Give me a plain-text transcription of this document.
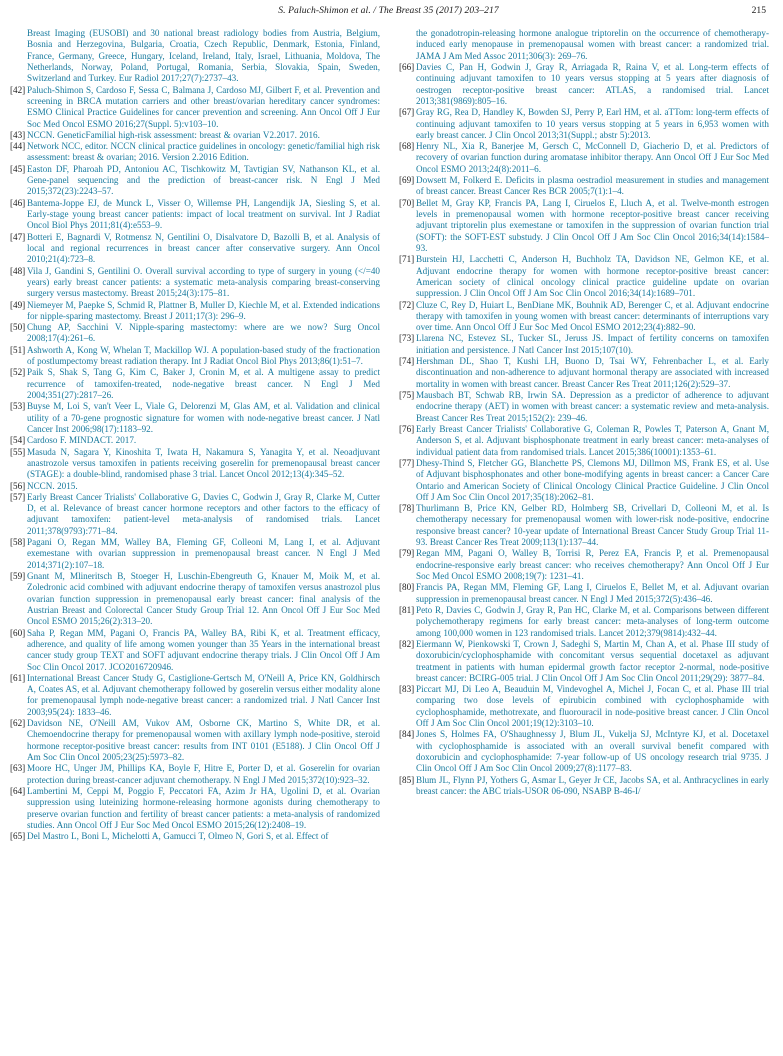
S. Paluch-Shimon et al. / The Breast 35 (2017) 203–217	215

Breast Imaging (EUSOBI) and 30 national breast radiology bodies from Austria, Belgium, Bosnia and Herzegovina, Bulgaria, Croatia, Czech Republic, Denmark, Estonia, Finland, France, Germany, Greece, Hungary, Iceland, Ireland, Italy, Israel, Lithuania, Moldova, The Netherlands, Norway, Poland, Portugal, Romania, Serbia, Slovakia, Spain, Sweden, Switzerland and Turkey. Eur Radiol 2017;27(7):2737–43.

[42] Paluch-Shimon S, Cardoso F, Sessa C, Balmana J, Cardoso MJ, Gilbert F, et al. Prevention and screening in BRCA mutation carriers and other breast/ovarian hereditary cancer syndromes: ESMO Clinical Practice Guidelines for cancer prevention and screening. Ann Oncol Off J Eur Soc Med Oncol ESMO 2016;27(Suppl. 5):v103–10.

[43] NCCN. GeneticFamilial high-risk assessment: breast & ovarian V2.2017. 2016.

[44] Network NCC, editor. NCCN clinical practice guidelines in oncology: genetic/familial high risk assessment: breast & ovarian; 2016. Version 2.2016 Edition.

[45] Easton DF, Pharoah PD, Antoniou AC, Tischkowitz M, Tavtigian SV, Nathanson KL, et al. Gene-panel sequencing and the prediction of breast-cancer risk. N Engl J Med 2015;372(23):2243–57.

[46] Bantema-Joppe EJ, de Munck L, Visser O, Willemse PH, Langendijk JA, Siesling S, et al. Early-stage young breast cancer patients: impact of local treatment on survival. Int J Radiat Oncol Biol Phys 2011;81(4):e553–9.

[47] Botteri E, Bagnardi V, Rotmensz N, Gentilini O, Disalvatore D, Bazolli B, et al. Analysis of local and regional recurrences in breast cancer after conservative surgery. Ann Oncol 2010;21(4):723–8.

[48] Vila J, Gandini S, Gentilini O. Overall survival according to type of surgery in young (</=40 years) early breast cancer patients: a systematic meta-analysis comparing breast-conserving surgery versus mastectomy. Breast 2015;24(3):175–81.

[49] Niemeyer M, Paepke S, Schmid R, Plattner B, Muller D, Kiechle M, et al. Extended indications for nipple-sparing mastectomy. Breast J 2011;17(3): 296–9.

[50] Chung AP, Sacchini V. Nipple-sparing mastectomy: where are we now? Surg Oncol 2008;17(4):261–6.

[51] Ashworth A, Kong W, Whelan T, Mackillop WJ. A population-based study of the fractionation of postlumpectomy breast radiation therapy. Int J Radiat Oncol Biol Phys 2013;86(1):51–7.

[52] Paik S, Shak S, Tang G, Kim C, Baker J, Cronin M, et al. A multigene assay to predict recurrence of tamoxifen-treated, node-negative breast cancer. N Engl J Med 2004;351(27):2817–26.

[53] Buyse M, Loi S, van't Veer L, Viale G, Delorenzi M, Glas AM, et al. Validation and clinical utility of a 70-gene prognostic signature for women with node-negative breast cancer. J Natl Cancer Inst 2006;98(17):1183–92.

[54] Cardoso F. MINDACT. 2017.

[55] Masuda N, Sagara Y, Kinoshita T, Iwata H, Nakamura S, Yanagita Y, et al. Neoadjuvant anastrozole versus tamoxifen in patients receiving goserelin for premenopausal breast cancer (STAGE): a double-blind, randomised phase 3 trial. Lancet Oncol 2012;13(4):345–52.

[56] NCCN. 2015.

[57] Early Breast Cancer Trialists' Collaborative G, Davies C, Godwin J, Gray R, Clarke M, Cutter D, et al. Relevance of breast cancer hormone receptors and other factors to the efficacy of adjuvant tamoxifen: patient-level meta-analysis of randomised trials. Lancet 2011;378(9793):771–84.

[58] Pagani O, Regan MM, Walley BA, Fleming GF, Colleoni M, Lang I, et al. Adjuvant exemestane with ovarian suppression in premenopausal breast cancer. N Engl J Med 2014;371(2):107–18.

[59] Gnant M, Mlineritsch B, Stoeger H, Luschin-Ebengreuth G, Knauer M, Moik M, et al. Zoledronic acid combined with adjuvant endocrine therapy of tamoxifen versus anastrozol plus ovarian function suppression in premenopausal early breast cancer: final analysis of the Austrian Breast and Colorectal Cancer Study Group Trial 12. Ann Oncol Off J Eur Soc Med Oncol ESMO 2015;26(2):313–20.

[60] Saha P, Regan MM, Pagani O, Francis PA, Walley BA, Ribi K, et al. Treatment efficacy, adherence, and quality of life among women younger than 35 Years in the international breast cancer study group TEXT and SOFT adjuvant endocrine therapy trials. J Clin Oncol Off J Am Soc Clin Oncol 2017. JCO2016720946.

[61] International Breast Cancer Study G, Castiglione-Gertsch M, O'Neill A, Price KN, Goldhirsch A, Coates AS, et al. Adjuvant chemotherapy followed by goserelin versus either modality alone for premenopausal lymph node-negative breast cancer: a randomized trial. J Natl Cancer Inst 2003;95(24): 1833–46.

[62] Davidson NE, O'Neill AM, Vukov AM, Osborne CK, Martino S, White DR, et al. Chemoendocrine therapy for premenopausal women with axillary lymph node-positive, steroid hormone receptor-positive breast cancer: results from INT 0101 (E5188). J Clin Oncol Off J Am Soc Clin Oncol 2005;23(25):5973–82.

[63] Moore HC, Unger JM, Phillips KA, Boyle F, Hitre E, Porter D, et al. Goserelin for ovarian protection during breast-cancer adjuvant chemotherapy. N Engl J Med 2015;372(10):923–32.

[64] Lambertini M, Ceppi M, Poggio F, Peccatori FA, Azim Jr HA, Ugolini D, et al. Ovarian suppression using luteinizing hormone-releasing hormone agonists during chemotherapy to preserve ovarian function and fertility of breast cancer patients: a meta-analysis of randomized studies. Ann Oncol Off J Eur Soc Med Oncol ESMO 2015;26(12):2408–19.

[65] Del Mastro L, Boni L, Michelotti A, Gamucci T, Olmeo N, Gori S, et al. Effect of

the gonadotropin-releasing hormone analogue triptorelin on the occurrence of chemotherapy-induced early menopause in premenopausal women with breast cancer: a randomized trial. JAMA J Am Med Assoc 2011;306(3): 269–76.

[66] Davies C, Pan H, Godwin J, Gray R, Arriagada R, Raina V, et al. Long-term effects of continuing adjuvant tamoxifen to 10 years versus stopping at 5 years after diagnosis of oestrogen receptor-positive breast cancer: ATLAS, a randomised trial. Lancet 2013;381(9869):805–16.

[67] Gray RG, Rea D, Handley K, Bowden SJ, Perry P, Earl HM, et al. aTTom: long-term effects of continuing adjuvant tamoxifen to 10 years versus stopping at 5 years in 6,953 women with early breast cancer. J Clin Oncol 2013;31(Suppl.; abstr 5):2013.

[68] Henry NL, Xia R, Banerjee M, Gersch C, McConnell D, Giacherio D, et al. Predictors of recovery of ovarian function during aromatase inhibitor therapy. Ann Oncol Off J Eur Soc Med Oncol ESMO 2013;24(8):2011–6.

[69] Dowsett M, Folkerd E. Deficits in plasma oestradiol measurement in studies and management of breast cancer. Breast Cancer Res BCR 2005;7(1):1–4.

[70] Bellet M, Gray KP, Francis PA, Lang I, Ciruelos E, Lluch A, et al. Twelve-month estrogen levels in premenopausal women with hormone receptor-positive breast cancer receiving adjuvant triptorelin plus exemestane or tamoxifen in the suppression of ovarian function trial (SOFT): the SOFT-EST substudy. J Clin Oncol Off J Am Soc Clin Oncol 2016;34(14):1584–93.

[71] Burstein HJ, Lacchetti C, Anderson H, Buchholz TA, Davidson NE, Gelmon KE, et al. Adjuvant endocrine therapy for women with hormone receptor-positive breast cancer: American society of clinical oncology clinical practice guideline update on ovarian suppression. J Clin Oncol Off J Am Soc Clin Oncol 2016;34(14):1689–701.

[72] Cluze C, Rey D, Huiart L, BenDiane MK, Bouhnik AD, Berenger C, et al. Adjuvant endocrine therapy with tamoxifen in young women with breast cancer: determinants of interruptions vary over time. Ann Oncol Off J Eur Soc Med Oncol ESMO 2012;23(4):882–90.

[73] Llarena NC, Estevez SL, Tucker SL, Jeruss JS. Impact of fertility concerns on tamoxifen initiation and persistence. J Natl Cancer Inst 2015;107(10).

[74] Hershman DL, Shao T, Kushi LH, Buono D, Tsai WY, Fehrenbacher L, et al. Early discontinuation and non-adherence to adjuvant hormonal therapy are associated with increased mortality in women with breast cancer. Breast Cancer Res Treat 2011;126(2):529–37.

[75] Mausbach BT, Schwab RB, Irwin SA. Depression as a predictor of adherence to adjuvant endocrine therapy (AET) in women with breast cancer: a systematic review and meta-analysis. Breast Cancer Res Treat 2015;152(2): 239–46.

[76] Early Breast Cancer Trialists' Collaborative G, Coleman R, Powles T, Paterson A, Gnant M, Anderson S, et al. Adjuvant bisphosphonate treatment in early breast cancer: meta-analyses of individual patient data from randomised trials. Lancet 2015;386(10001):1353–61.

[77] Dhesy-Thind S, Fletcher GG, Blanchette PS, Clemons MJ, Dillmon MS, Frank ES, et al. Use of Adjuvant bisphosphonates and other bone-modifying agents in breast cancer: a Cancer Care Ontario and American Society of Clinical Oncology Clinical Practice Guideline. J Clin Oncol Off J Am Soc Clin Oncol 2017;35(18):2062–81.

[78] Thurlimann B, Price KN, Gelber RD, Holmberg SB, Crivellari D, Colleoni M, et al. Is chemotherapy necessary for premenopausal women with lower-risk node-positive, endocrine responsive breast cancer? 10-year update of International Breast Cancer Study Group Trial 11-93. Breast Cancer Res Treat 2009;113(1):137–44.

[79] Regan MM, Pagani O, Walley B, Torrisi R, Perez EA, Francis P, et al. Premenopausal endocrine-responsive early breast cancer: who receives chemotherapy? Ann Oncol Off J Eur Soc Med Oncol ESMO 2008;19(7): 1231–41.

[80] Francis PA, Regan MM, Fleming GF, Lang I, Ciruelos E, Bellet M, et al. Adjuvant ovarian suppression in premenopausal breast cancer. N Engl J Med 2015;372(5):436–46.

[81] Peto R, Davies C, Godwin J, Gray R, Pan HC, Clarke M, et al. Comparisons between different polychemotherapy regimens for early breast cancer: meta-analyses of long-term outcome among 100,000 women in 123 randomised trials. Lancet 2012;379(9814):432–44.

[82] Eiermann W, Pienkowski T, Crown J, Sadeghi S, Martin M, Chan A, et al. Phase III study of doxorubicin/cyclophosphamide with concomitant versus sequential docetaxel as adjuvant treatment in patients with human epidermal growth factor receptor 2-normal, node-positive breast cancer: BCIRG-005 trial. J Clin Oncol Off J Am Soc Clin Oncol 2011;29(29): 3877–84.

[83] Piccart MJ, Di Leo A, Beauduin M, Vindevoghel A, Michel J, Focan C, et al. Phase III trial comparing two dose levels of epirubicin combined with cyclophosphamide with cyclophosphamide, methotrexate, and fluorouracil in node-positive breast cancer. J Clin Oncol Off J Am Soc Clin Oncol 2001;19(12):3103–10.

[84] Jones S, Holmes FA, O'Shaughnessy J, Blum JL, Vukelja SJ, McIntyre KJ, et al. Docetaxel with cyclophosphamide is associated with an overall survival benefit compared with doxorubicin and cyclophosphamide: 7-year follow-up of US oncology research trial 9735. J Clin Oncol Off J Am Soc Clin Oncol 2009;27(8):1177–83.

[85] Blum JL, Flynn PJ, Yothers G, Asmar L, Geyer Jr CE, Jacobs SA, et al. Anthracyclines in early breast cancer: the ABC trials-USOR 06-090, NSABP B-46-I/
